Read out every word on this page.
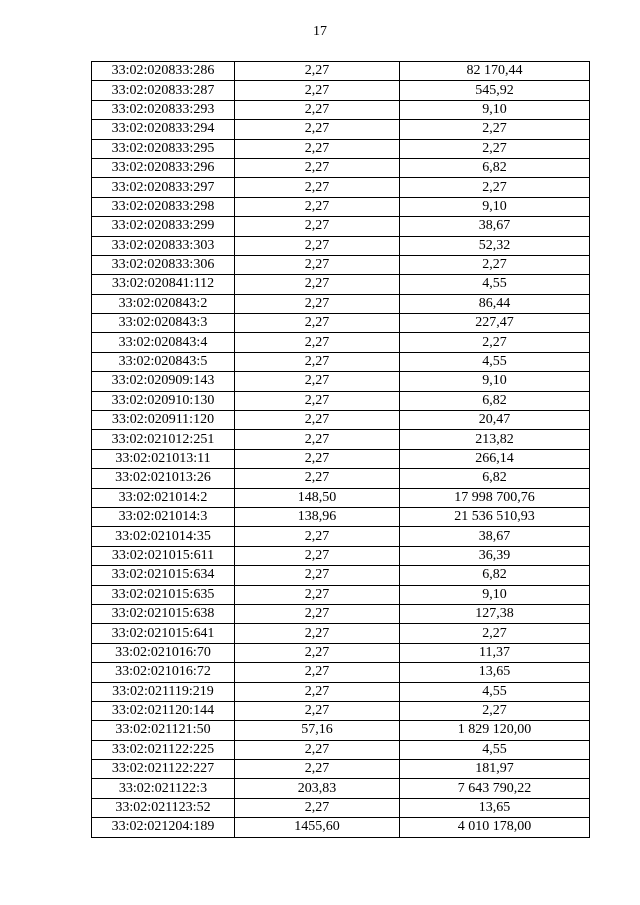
17
33:02:020833:286	2,27	82 170,44
33:02:020833:287	2,27	545,92
33:02:020833:293	2,27	9,10
33:02:020833:294	2,27	2,27
33:02:020833:295	2,27	2,27
33:02:020833:296	2,27	6,82
33:02:020833:297	2,27	2,27
33:02:020833:298	2,27	9,10
33:02:020833:299	2,27	38,67
33:02:020833:303	2,27	52,32
33:02:020833:306	2,27	2,27
33:02:020841:112	2,27	4,55
33:02:020843:2	2,27	86,44
33:02:020843:3	2,27	227,47
33:02:020843:4	2,27	2,27
33:02:020843:5	2,27	4,55
33:02:020909:143	2,27	9,10
33:02:020910:130	2,27	6,82
33:02:020911:120	2,27	20,47
33:02:021012:251	2,27	213,82
33:02:021013:11	2,27	266,14
33:02:021013:26	2,27	6,82
33:02:021014:2	148,50	17 998 700,76
33:02:021014:3	138,96	21 536 510,93
33:02:021014:35	2,27	38,67
33:02:021015:611	2,27	36,39
33:02:021015:634	2,27	6,82
33:02:021015:635	2,27	9,10
33:02:021015:638	2,27	127,38
33:02:021015:641	2,27	2,27
33:02:021016:70	2,27	11,37
33:02:021016:72	2,27	13,65
33:02:021119:219	2,27	4,55
33:02:021120:144	2,27	2,27
33:02:021121:50	57,16	1 829 120,00
33:02:021122:225	2,27	4,55
33:02:021122:227	2,27	181,97
33:02:021122:3	203,83	7 643 790,22
33:02:021123:52	2,27	13,65
33:02:021204:189	1455,60	4 010 178,00
